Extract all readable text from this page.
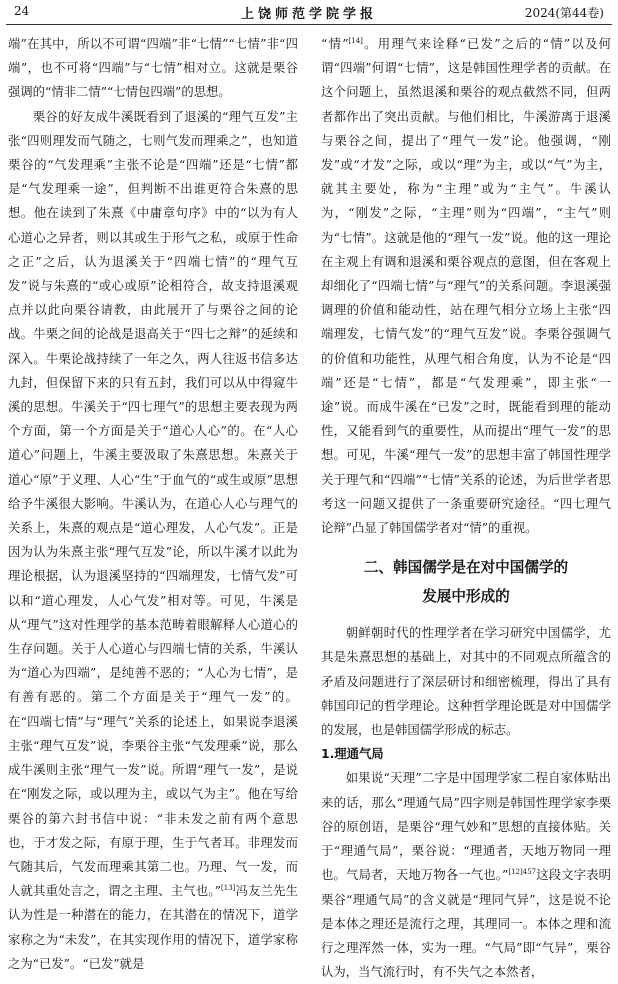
24	上饶师范学院学报	2024(第44卷)

端”在其中，所以不可谓“四端”非“七情”“七情”非“四端”，也不可将“四端”与“七情”相对立。这就是栗谷强调的“情非二情”“七情包四端”的思想。

栗谷的好友成牛溪既看到了退溪的“理气互发”主张“四则理发而气随之，七则气发而理乘之”，也知道栗谷的“气发理乘”主张不论是“四端”还是“七情”都是“气发理乘一途”，但判断不出谁更符合朱熹的思想。他在读到了朱熹《中庸章句序》中的“以为有人心道心之异者，则以其或生于形气之私，或原于性命之正”之后，认为退溪关于“四端七情”的“理气互发”说与朱熹的“或心或原”论相符合，故支持退溪观点并以此向栗谷请教，由此展开了与栗谷之间的论战。牛栗之间的论战是退高关于“四七之辩”的延续和深入。牛栗论战持续了一年之久，两人往返书信多达九封，但保留下来的只有五封，我们可以从中得窥牛溪的思想。牛溪关于“四七理气”的思想主要表现为两个方面，第一个方面是关于“道心人心”的。在“人心道心”问题上，牛溪主要汲取了朱熹思想。朱熹关于道心“原”于义理、人心“生”于血气的“或生或原”思想给予牛溪很大影响。牛溪认为，在道心人心与理气的关系上，朱熹的观点是“道心理发，人心气发”。正是因为认为朱熹主张“理气互发”论，所以牛溪才以此为理论根据，认为退溪坚持的“四端理发，七情气发”可以和“道心理发，人心气发”相对等。可见，牛溪是从“理气”这对性理学的基本范畴着眼解释人心道心的生存问题。关于人心道心与四端七情的关系，牛溪认为“道心为四端”，是纯善不恶的；“人心为七情”，是有善有恶的。第二个方面是关于“理气一发”的。在“四端七情”与“理气”关系的论述上，如果说李退溪主张“理气互发”说，李栗谷主张“气发理乘”说，那么成牛溪则主张“理气一发”说。所谓“理气一发”，是说在“刚发之际，或以理为主，或以气为主”。他在写给栗谷的第六封书信中说：“非未发之前有两个意思也，于才发之际，有原于理，生于气者耳。非理发而气随其后，气发而理乘其第二也。乃理、气一发，而人就其重处言之，谓之主理、主气也。”[13]冯友兰先生认为性是一种潜在的能力，在其潜在的情况下，道学家称之为“未发”，在其实现作用的情况下，道学家称之为“已发”。“已发”就是

“情”[14]。用理气来诠释“已发”之后的“情”以及何谓“四端”何谓“七情”，这是韩国性理学者的贡献。在这个问题上，虽然退溪和栗谷的观点截然不同，但两者都作出了突出贡献。与他们相比，牛溪游离于退溪与栗谷之间，提出了“理气一发”论。他强调，“刚发”或“才发”之际，或以“理”为主，或以“气”为主，就其主要处，称为“主理”或为“主气”。牛溪认为，“刚发”之际，“主理”则为“四端”，“主气”则为“七情”。这就是他的“理气一发”说。他的这一理论在主观上有调和退溪和栗谷观点的意图，但在客观上却细化了“四端七情”与“理气”的关系问题。李退溪强调理的价值和能动性，站在理气相分立场上主张“四端理发，七情气发”的“理气互发”说。李栗谷强调气的价值和功能性，从理气相合角度，认为不论是“四端”还是“七情”，都是“气发理乘”，即主张“一途”说。而成牛溪在“已发”之时，既能看到理的能动性，又能看到气的重要性，从而提出“理气一发”的思想。可见，牛溪“理气一发”的思想丰富了韩国性理学关于理气和“四端”“七情”关系的论述，为后世学者思考这一问题又提供了一条重要研究途径。“四七理气论辩”凸显了韩国儒学者对“情”的重视。

二、韩国儒学是在对中国儒学的
发展中形成的

朝鲜朝时代的性理学者在学习研究中国儒学，尤其是朱熹思想的基础上，对其中的不同观点所蕴含的矛盾及问题进行了深层研讨和细密梳理，得出了具有韩国印记的哲学理论。这种哲学理论既是对中国儒学的发展，也是韩国儒学形成的标志。

1.理通气局

如果说“天理”二字是中国理学家二程自家体贴出来的话，那么“理通气局”四字则是韩国性理学家李栗谷的原创语，是栗谷“理气妙和”思想的直接体贴。关于“理通气局”，栗谷说：“理通者，天地万物同一理也。气局者，天地万物各一气也。”$^{[12]457}$这段文字表明栗谷“理通气局”的含义就是“理同气异”，这是说不论是本体之理还是流行之理，其理同一。本体之理和流行之理浑然一体，实为一理。“气局”即“气异”，栗谷认为，当气流行时，有不失气之本然者，
